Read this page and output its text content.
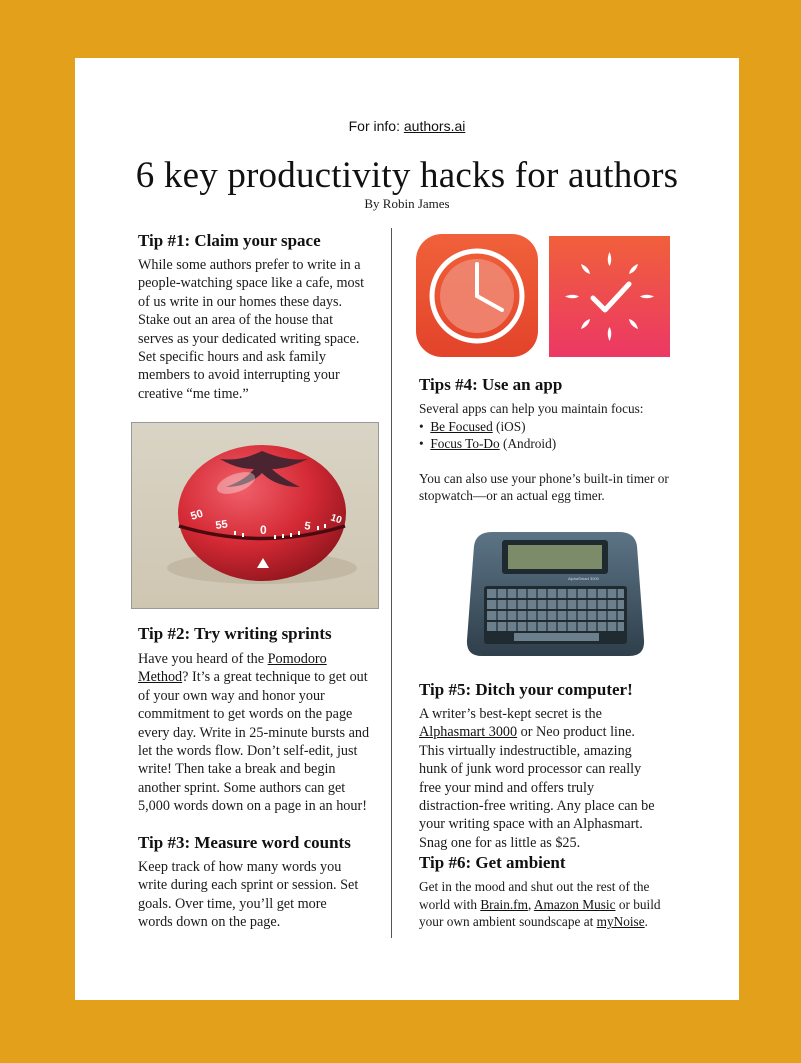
For info: authors.ai
6 key productivity hacks for authors
By Robin James
Tip #1: Claim your space

While some authors prefer to write in a people-watching space like a cafe, most of us write in our homes these days. Stake out an area of the house that serves as your dedicated writing space. Set specific hours and ask family members to avoid interrupting your creative “me time.”

50
55	0	5
10
Tip #2: Try writing sprints

Have you heard of the Pomodoro Method? It’s a great technique to get out of your own way and honor your commitment to get words on the page every day. Write in 25-minute bursts and let the words flow. Don’t self-edit, just write! Then take a break and begin another sprint. Some authors can get 5,000 words down on a page in an hour!

Tip #3: Measure word counts

Keep track of how many words you write during each sprint or session. Set goals. Over time, you’ll get more words down on the page.

Tips #4: Use an app

Several apps can help you maintain focus:

• Be Focused (iOS)
• Focus To-Do (Android)

You can also use your phone’s built-in timer or stopwatch—or an actual egg timer.

AlphaSmart 3000
Tip #5: Ditch your computer!

A writer’s best-kept secret is the Alphasmart 3000 or Neo product line. This virtually indestructible, amazing hunk of junk word processor can really free your mind and offers truly distraction-free writing. Any place can be your writing space with an Alphasmart. Snag one for as little as $25.

Tip #6: Get ambient

Get in the mood and shut out the rest of the world with Brain.fm, Amazon Music or build your own ambient soundscape at myNoise.
